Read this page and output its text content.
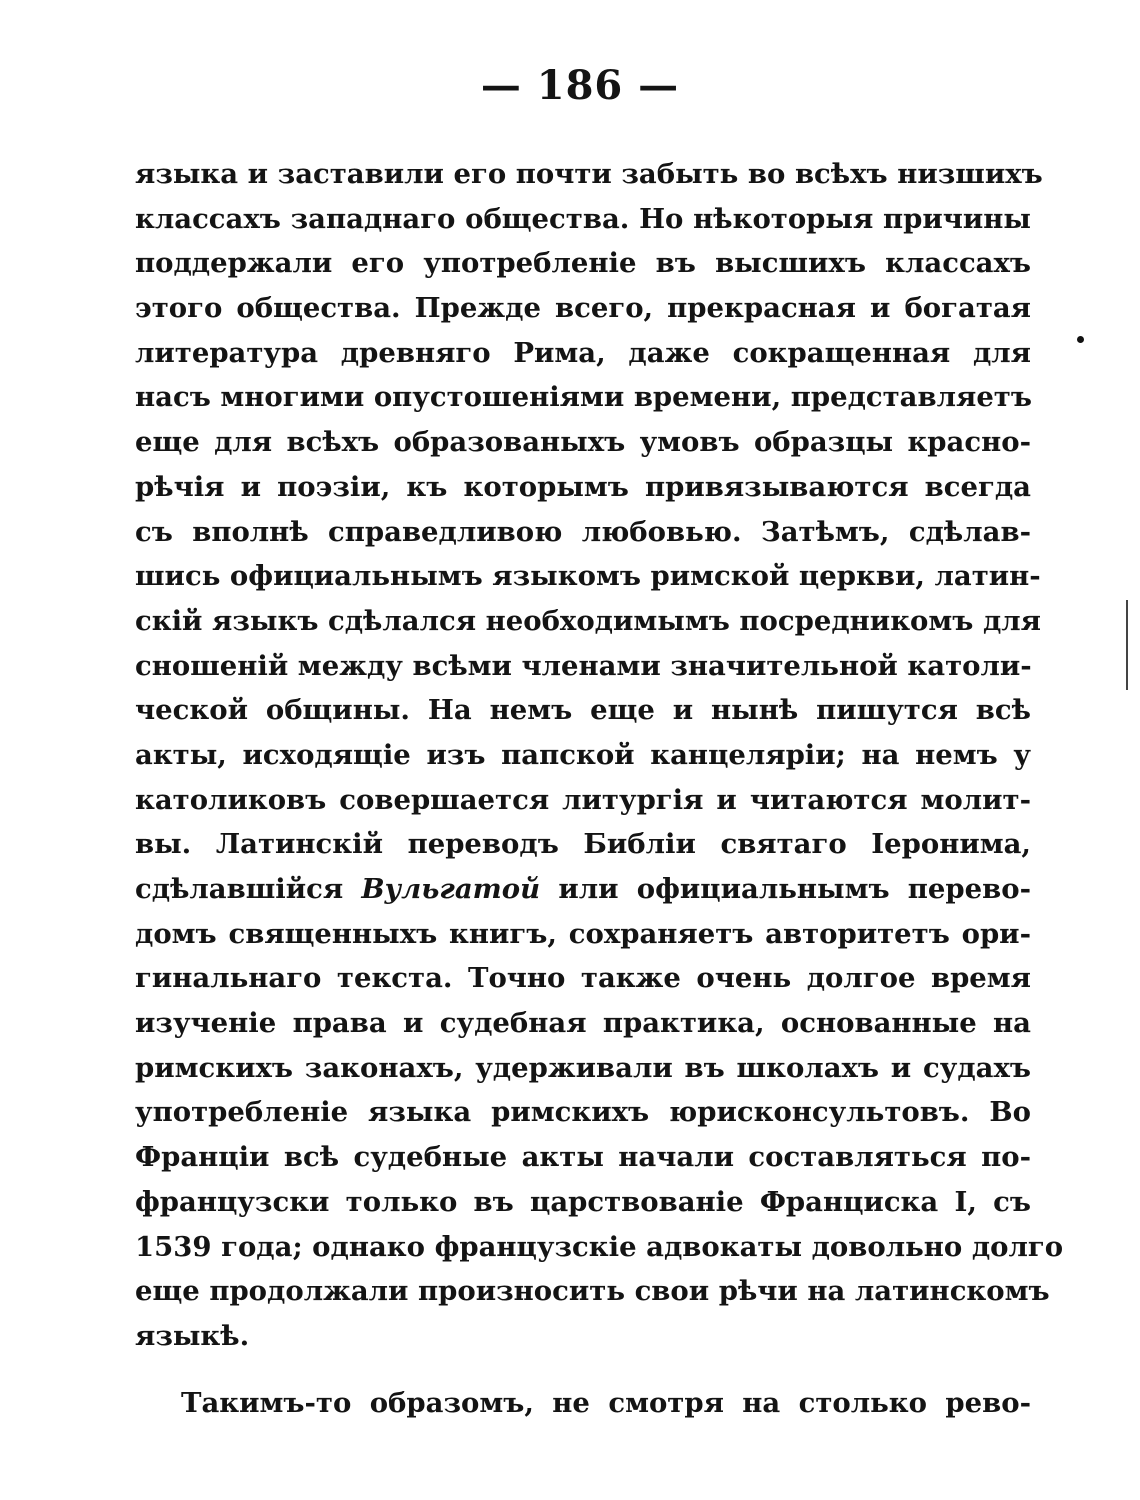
— 186 —
языка и заставили его почти забыть во всѣхъ низшихъ
классахъ западнаго общества. Но нѣкоторыя причины
поддержали его употребленіе въ высшихъ классахъ
этого общества. Прежде всего, прекрасная и богатая
литература древняго Рима, даже сокращенная для
насъ многими опустошеніями времени, представляетъ
еще для всѣхъ образованыхъ умовъ образцы красно-
рѣчія и поэзіи, къ которымъ привязываются всегда
съ вполнѣ справедливою любовью. Затѣмъ, сдѣлав-
шись официальнымъ языкомъ римской церкви, латин-
скій языкъ сдѣлался необходимымъ посредникомъ для
сношеній между всѣми членами значительной католи-
ческой общины. На немъ еще и нынѣ пишутся всѣ
акты, исходящіе изъ папской канцеляріи; на немъ у
католиковъ совершается литургія и читаются молит-
вы. Латинскій переводъ Библіи святаго Іеронима,
сдѣлавшійся Вульгатой или официальнымъ перево-
домъ священныхъ книгъ, сохраняетъ авторитетъ ори-
гинальнаго текста. Точно также очень долгое время
изученіе права и судебная практика, основанные на
римскихъ законахъ, удерживали въ школахъ и судахъ
употребленіе языка римскихъ юрисконсультовъ. Во
Франціи всѣ судебные акты начали составляться по-
французски только въ царствованіе Франциска I, съ
1539 года; однако французскіе адвокаты довольно долго
еще продолжали произносить свои рѣчи на латинскомъ
языкѣ.
Такимъ-то образомъ, не смотря на столько рево-
